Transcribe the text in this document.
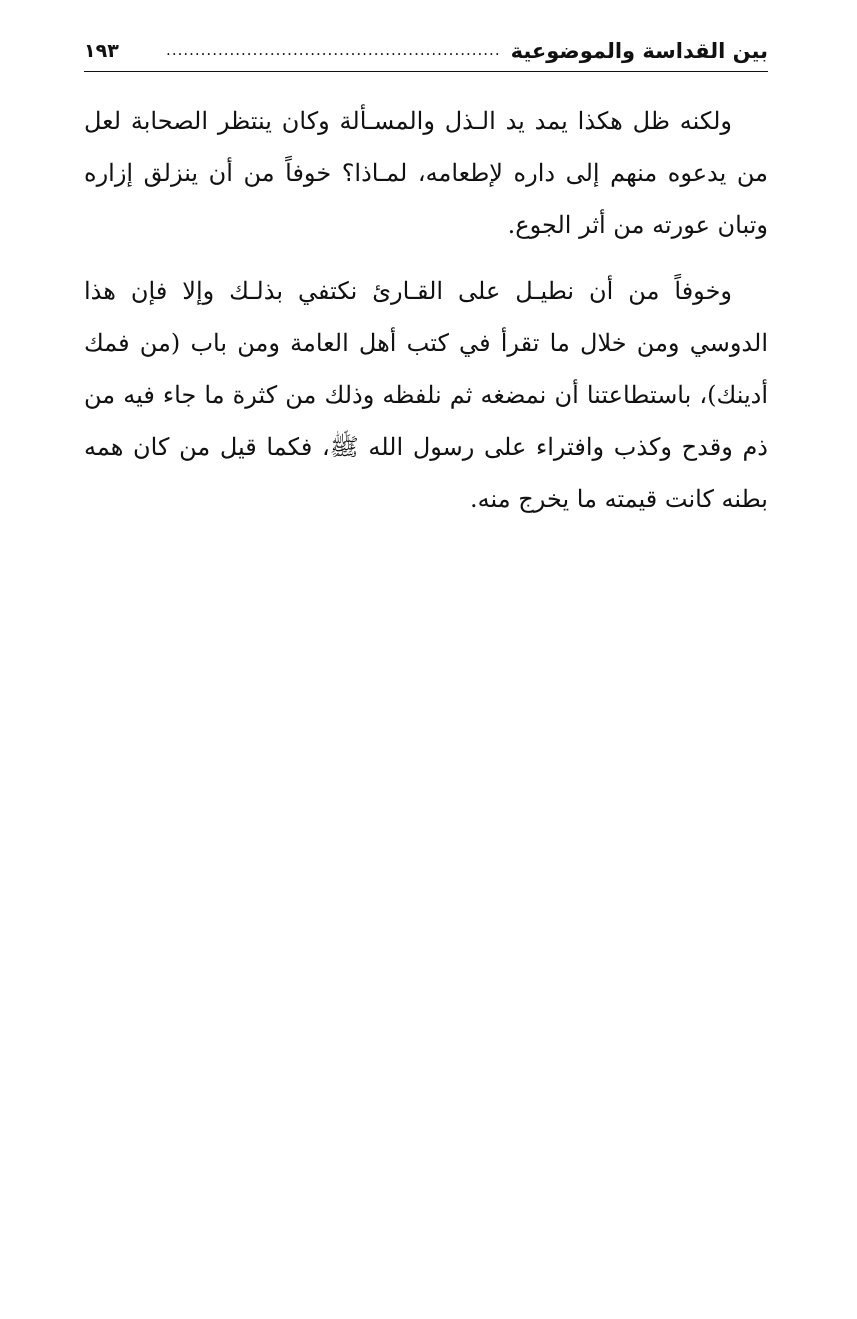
بين القداسة والموضوعية
..........................................................
١٩٣

ولكنه ظل هكذا يمد يد الـذل والمسـألة وكان ينتظر الصحابة لعل من يدعوه منهم إلى داره لإطعامه، لمـاذا؟ خوفاً من أن ينزلق إزاره وتبان عورته من أثر الجوع.

وخوفاً من أن نطيـل على القـارئ نكتفي بذلـك وإلا فإن هذا الدوسي ومن خلال ما تقرأ في كتب أهل العامة ومن باب (من فمك أدينك)، باستطاعتنا أن نمضغه ثم نلفظه وذلك من كثرة ما جاء فيه من ذم وقدح وكذب وافتراء على رسول الله ﷺ، فكما قيل من كان همه بطنه كانت قيمته ما يخرج منه.
